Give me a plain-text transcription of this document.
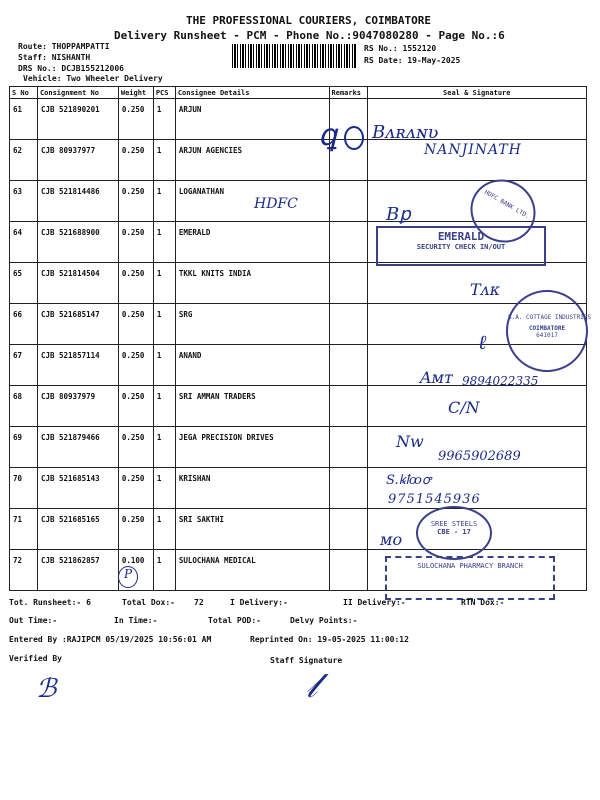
THE PROFESSIONAL COURIERS, COIMBATORE
Delivery Runsheet - PCM - Phone No.:9047080280 - Page No.:6
Route: THOPPAMPATTI
Staff: NISHANTH
DRS No.: DCJB155212006
Vehicle: Two Wheeler Delivery
RS No.: 1552120
RS Date: 19-May-2025
S No	Consignment No	Weight	PCS	Consignee Details	Remarks	Seal & Signature
61	CJB 521890201	0.250	1	ARJUN		
62	CJB 80937977	0.250	1	ARJUN AGENCIES		
63	CJB 521814486	0.250	1	LOGANATHAN		
64	CJB 521688900	0.250	1	EMERALD		
65	CJB 521814504	0.250	1	TKKL KNITS INDIA		
66	CJB 521685147	0.250	1	SRG		
67	CJB 521857114	0.250	1	ANAND		
68	CJB 80937979	0.250	1	SRI AMMAN TRADERS		
69	CJB 521879466	0.250	1	JEGA PRECISION DRIVES		
70	CJB 521685143	0.250	1	KRISHAN		
71	CJB 521685165	0.250	1	SRI SAKTHI		
72	CJB 521862857	0.100	1	SULOCHANA MEDICAL		
ꝗ Bᴧʀᴧɴʋ
NANJINATH
HDFC	Bꝑ	HDFC BANK LTD.
EMERALD
SECURITY CHECK IN/OUT
Tᴧᴋ
S.A. COTTAGE INDUSTRIES
COIMBATORE
641017
ℓ
Aᴍᴛ 9894022335
C/N
Nw
9965902689
S.ꝃꝉꝏꝍ
9751545936
SREE STEELS
CBE - 17
ᴍᴏ
P
SULOCHANA PHARMACY BRANCH
Tot. Runsheet:- 6	Total Dox:- 72	I Delivery:-	II Delivery:-	RTN Dox:-
Out Time:-	In Time:-	Total POD:-	Delvy Points:-
Entered By :RAJIPCM 05/19/2025 10:56:01 AM	Reprinted On: 19-05-2025 11:00:12
Verified By	Staff Signature
ℬ	𝓁
